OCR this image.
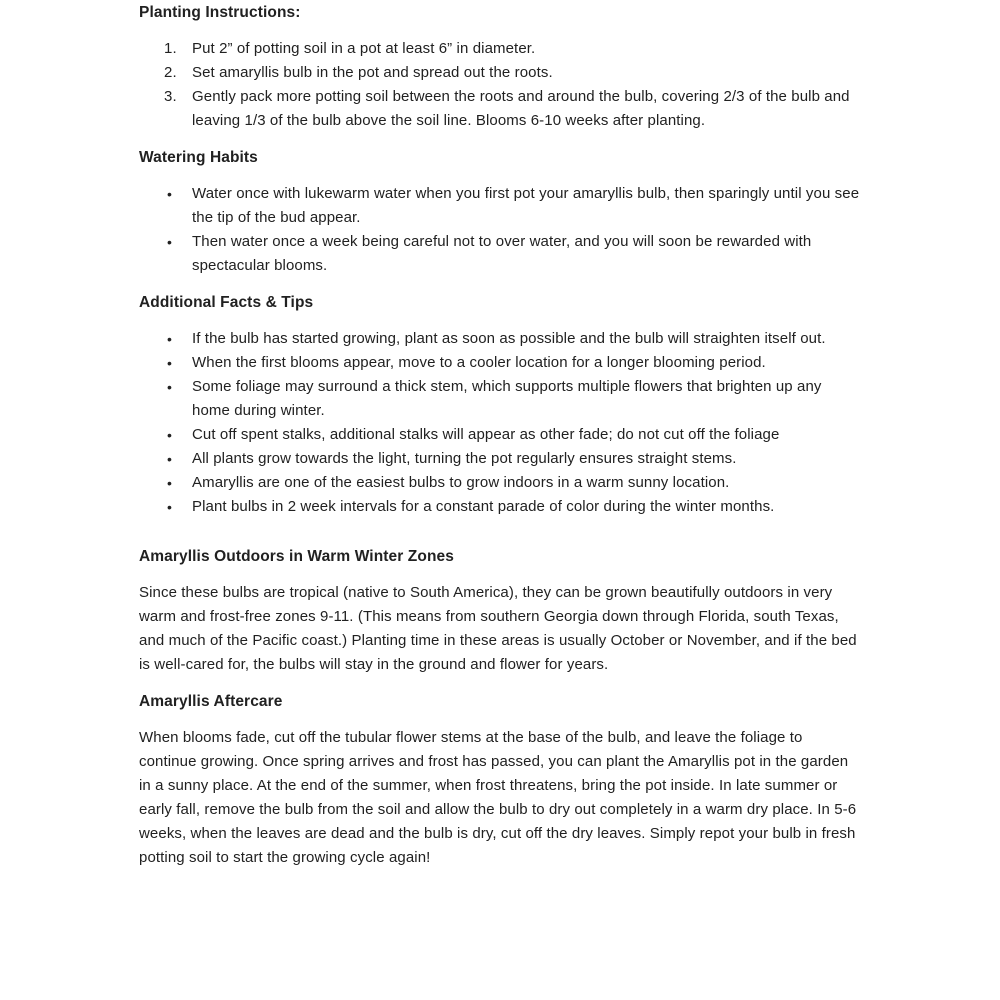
Planting Instructions:
1.	Put 2” of potting soil in a pot at least 6” in diameter.
2.	Set amaryllis bulb in the pot and spread out the roots.
3.	Gently pack more potting soil between the roots and around the bulb, covering 2/3 of the bulb and leaving 1/3 of the bulb above the soil line. Blooms 6-10 weeks after planting.
Watering Habits
•	Water once with lukewarm water when you first pot your amaryllis bulb, then sparingly until you see the tip of the bud appear.
•	Then water once a week being careful not to over water, and you will soon be rewarded with spectacular blooms.
Additional Facts & Tips
•	If the bulb has started growing, plant as soon as possible and the bulb will straighten itself out.
•	When the first blooms appear, move to a cooler location for a longer blooming period.
•	Some foliage may surround a thick stem, which supports multiple flowers that brighten up any home during winter.
•	Cut off spent stalks, additional stalks will appear as other fade; do not cut off the foliage
•	All plants grow towards the light, turning the pot regularly ensures straight stems.
•	Amaryllis are one of the easiest bulbs to grow indoors in a warm sunny location.
•	Plant bulbs in 2 week intervals for a constant parade of color during the winter months.
Amaryllis Outdoors in Warm Winter Zones
Since these bulbs are tropical (native to South America), they can be grown beautifully outdoors in very warm and frost-free zones 9-11. (This means from southern Georgia down through Florida, south Texas, and much of the Pacific coast.) Planting time in these areas is usually October or November, and if the bed is well-cared for, the bulbs will stay in the ground and flower for years.
Amaryllis Aftercare
When blooms fade, cut off the tubular flower stems at the base of the bulb, and leave the foliage to continue growing. Once spring arrives and frost has passed, you can plant the Amaryllis pot in the garden in a sunny place. At the end of the summer, when frost threatens, bring the pot inside. In late summer or early fall, remove the bulb from the soil and allow the bulb to dry out completely in a warm dry place. In 5-6 weeks, when the leaves are dead and the bulb is dry, cut off the dry leaves. Simply repot your bulb in fresh potting soil to start the growing cycle again!
